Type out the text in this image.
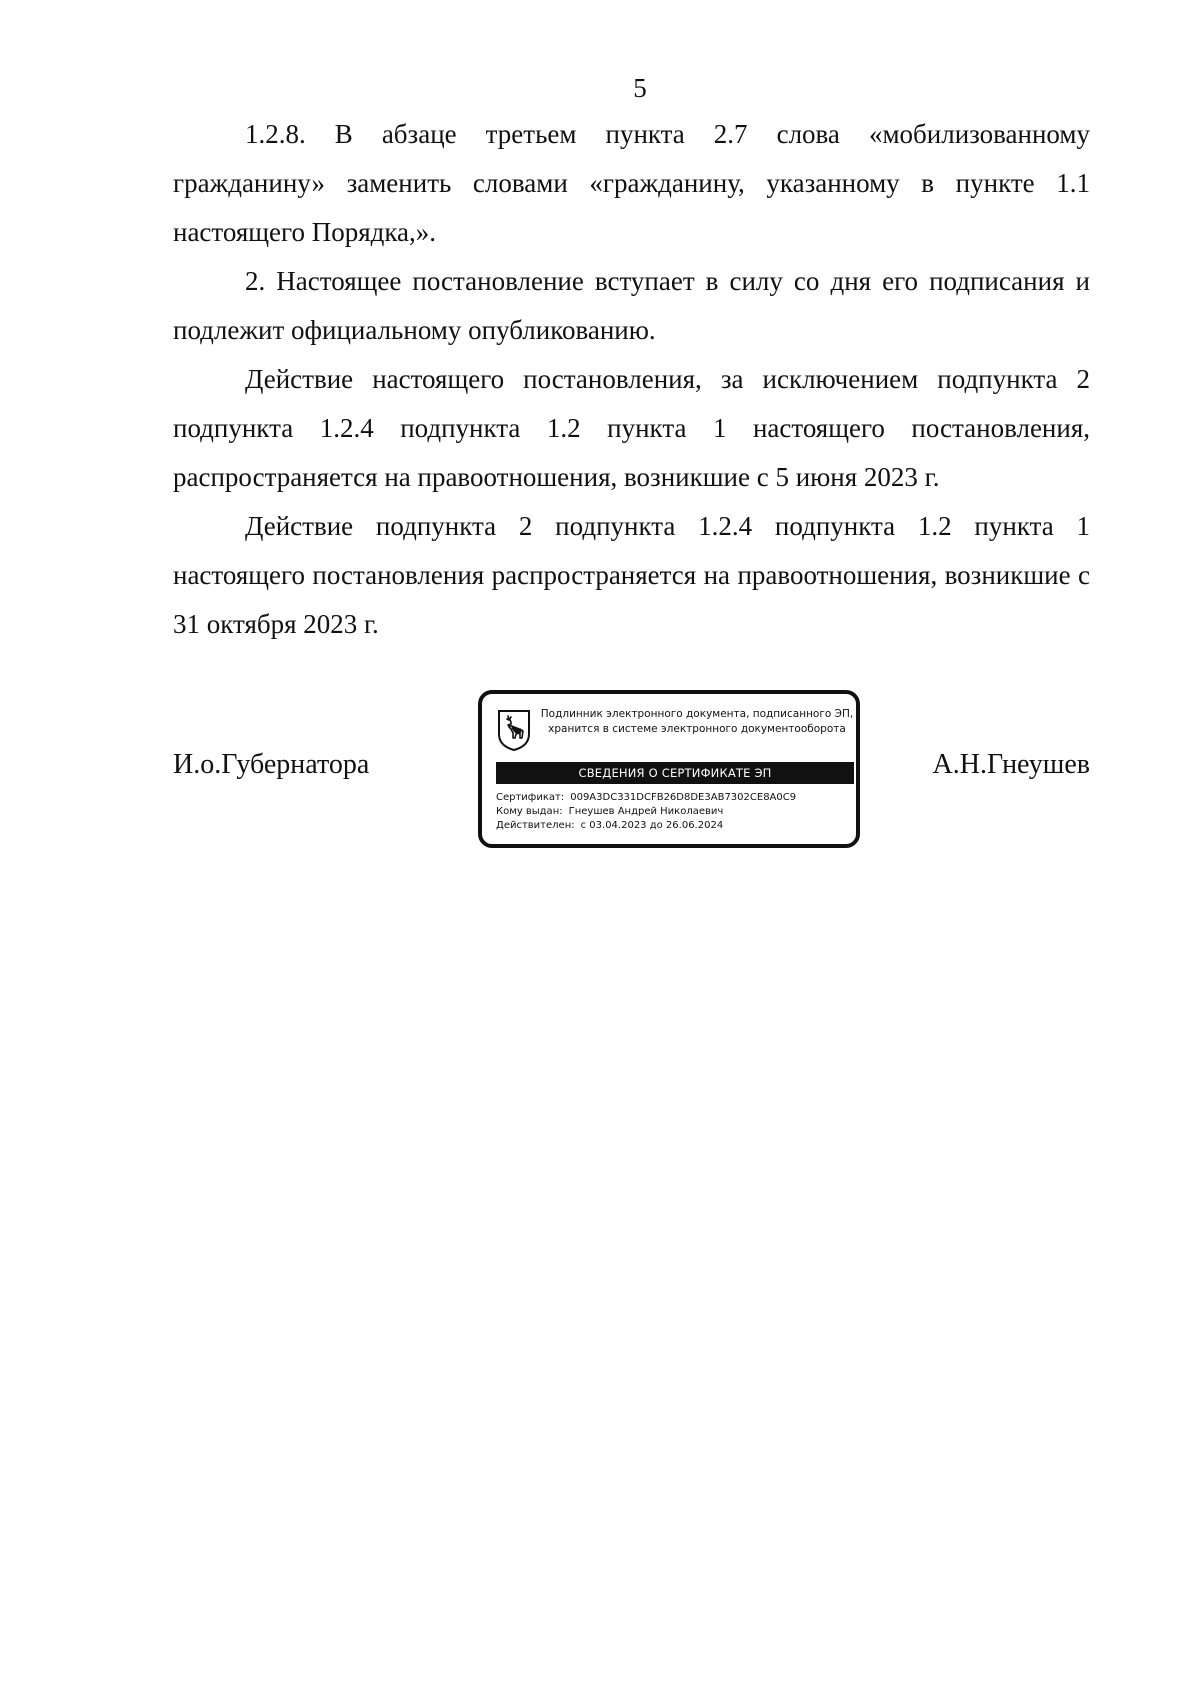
5

1.2.8. В абзаце третьем пункта 2.7 слова «мобилизованному гражданину» заменить словами «гражданину, указанному в пункте 1.1 настоящего Порядка,».

2. Настоящее постановление вступает в силу со дня его подписания и подлежит официальному опубликованию.

Действие настоящего постановления, за исключением подпункта 2 подпункта 1.2.4 подпункта 1.2 пункта 1 настоящего постановления, распространяется на правоотношения, возникшие с 5 июня 2023 г.

Действие подпункта 2 подпункта 1.2.4 подпункта 1.2 пункта 1 настоящего постановления распространяется на правоотношения, возникшие с 31 октября 2023 г.

И.о.Губернатора
Подлинник электронного документа, подписанного ЭП,
хранится в системе электронного документооборота
СВЕДЕНИЯ О СЕРТИФИКАТЕ ЭП
Сертификат: 009A3DC331DCFB26D8DE3AB7302CE8A0C9
Кому выдан: Гнеушев Андрей Николаевич
Действителен: с 03.04.2023 до 26.06.2024
А.Н.Гнеушев
